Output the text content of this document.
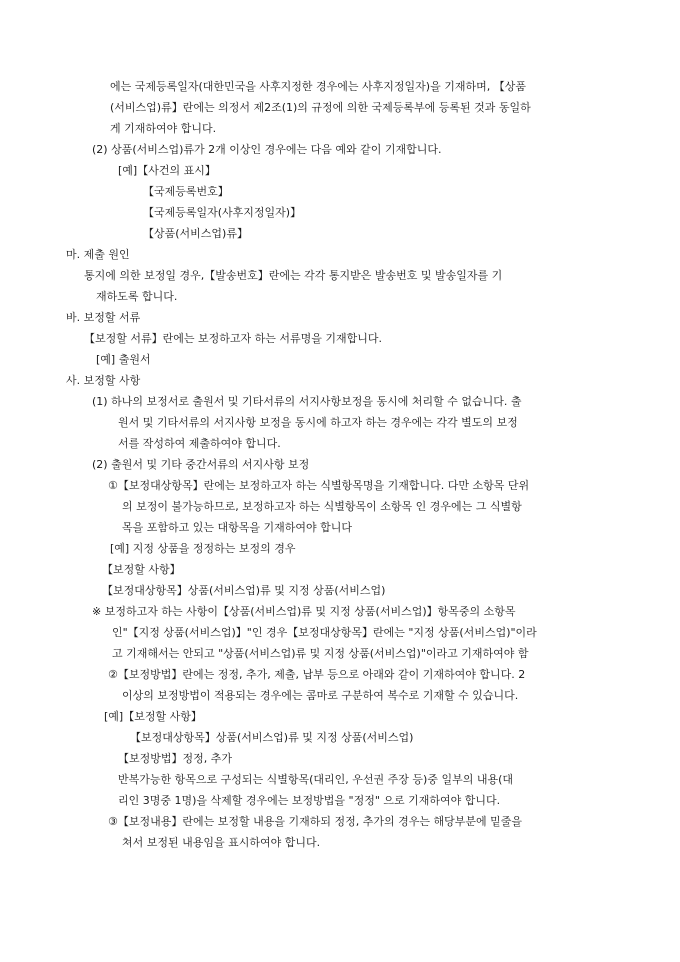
에는 국제등록일자(대한민국을 사후지정한 경우에는 사후지정일자)을 기재하며, 【상품
(서비스업)류】란에는 의정서 제2조(1)의 규정에 의한 국제등록부에 등록된 것과 동일하
게 기재하여야 합니다.
(2) 상품(서비스업)류가 2개 이상인 경우에는 다음 예와 같이 기재합니다.
[예]【사건의 표시】
【국제등록번호】
【국제등록일자(사후지정일자)】
【상품(서비스업)류】
마. 제출 원인
통지에 의한 보정일 경우,【발송번호】란에는 각각 통지받은 발송번호 및 발송일자를 기
재하도록 합니다.
바. 보정할 서류
【보정할 서류】란에는 보정하고자 하는 서류명을 기재합니다.
[예] 출원서
사. 보정할 사항
(1) 하나의 보정서로 출원서 및 기타서류의 서지사항보정을 동시에 처리할 수 없습니다. 출
원서 및 기타서류의 서지사항 보정을 동시에 하고자 하는 경우에는 각각 별도의 보정
서를 작성하여 제출하여야 합니다.
(2) 출원서 및 기타 중간서류의 서지사항 보정
①【보정대상항목】란에는 보정하고자 하는 식별항목명을 기재합니다. 다만 소항목 단위
의 보정이 불가능하므로, 보정하고자 하는 식별항목이 소항목 인 경우에는 그 식별항
목을 포함하고 있는 대항목을 기재하여야 합니다
[예] 지정 상품을 정정하는 보정의 경우
【보정할 사항】
【보정대상항목】상품(서비스업)류 및 지정 상품(서비스업)
※ 보정하고자 하는 사항이【상품(서비스업)류 및 지정 상품(서비스업)】항목중의 소항목
인"【지정 상품(서비스업)】"인 경우【보정대상항목】란에는 "지정 상품(서비스업)"이라
고 기재해서는 안되고 "상품(서비스업)류 및 지정 상품(서비스업)"이라고 기재하여야 함
②【보정방법】란에는 정정, 추가, 제출, 납부 등으로 아래와 같이 기재하여야 합니다. 2
이상의 보정방법이 적용되는 경우에는 콤마로 구분하여 복수로 기재할 수 있습니다.
[예]【보정할 사항】
【보정대상항목】상품(서비스업)류 및 지정 상품(서비스업)
【보정방법】정정, 추가
반복가능한 항목으로 구성되는 식별항목(대리인, 우선권 주장 등)중 일부의 내용(대
리인 3명중 1명)을 삭제할 경우에는 보정방법을 "정정" 으로 기재하여야 합니다.
③【보정내용】란에는 보정할 내용을 기재하되 정정, 추가의 경우는 해당부분에 밑줄을
쳐서 보정된 내용임을 표시하여야 합니다.
